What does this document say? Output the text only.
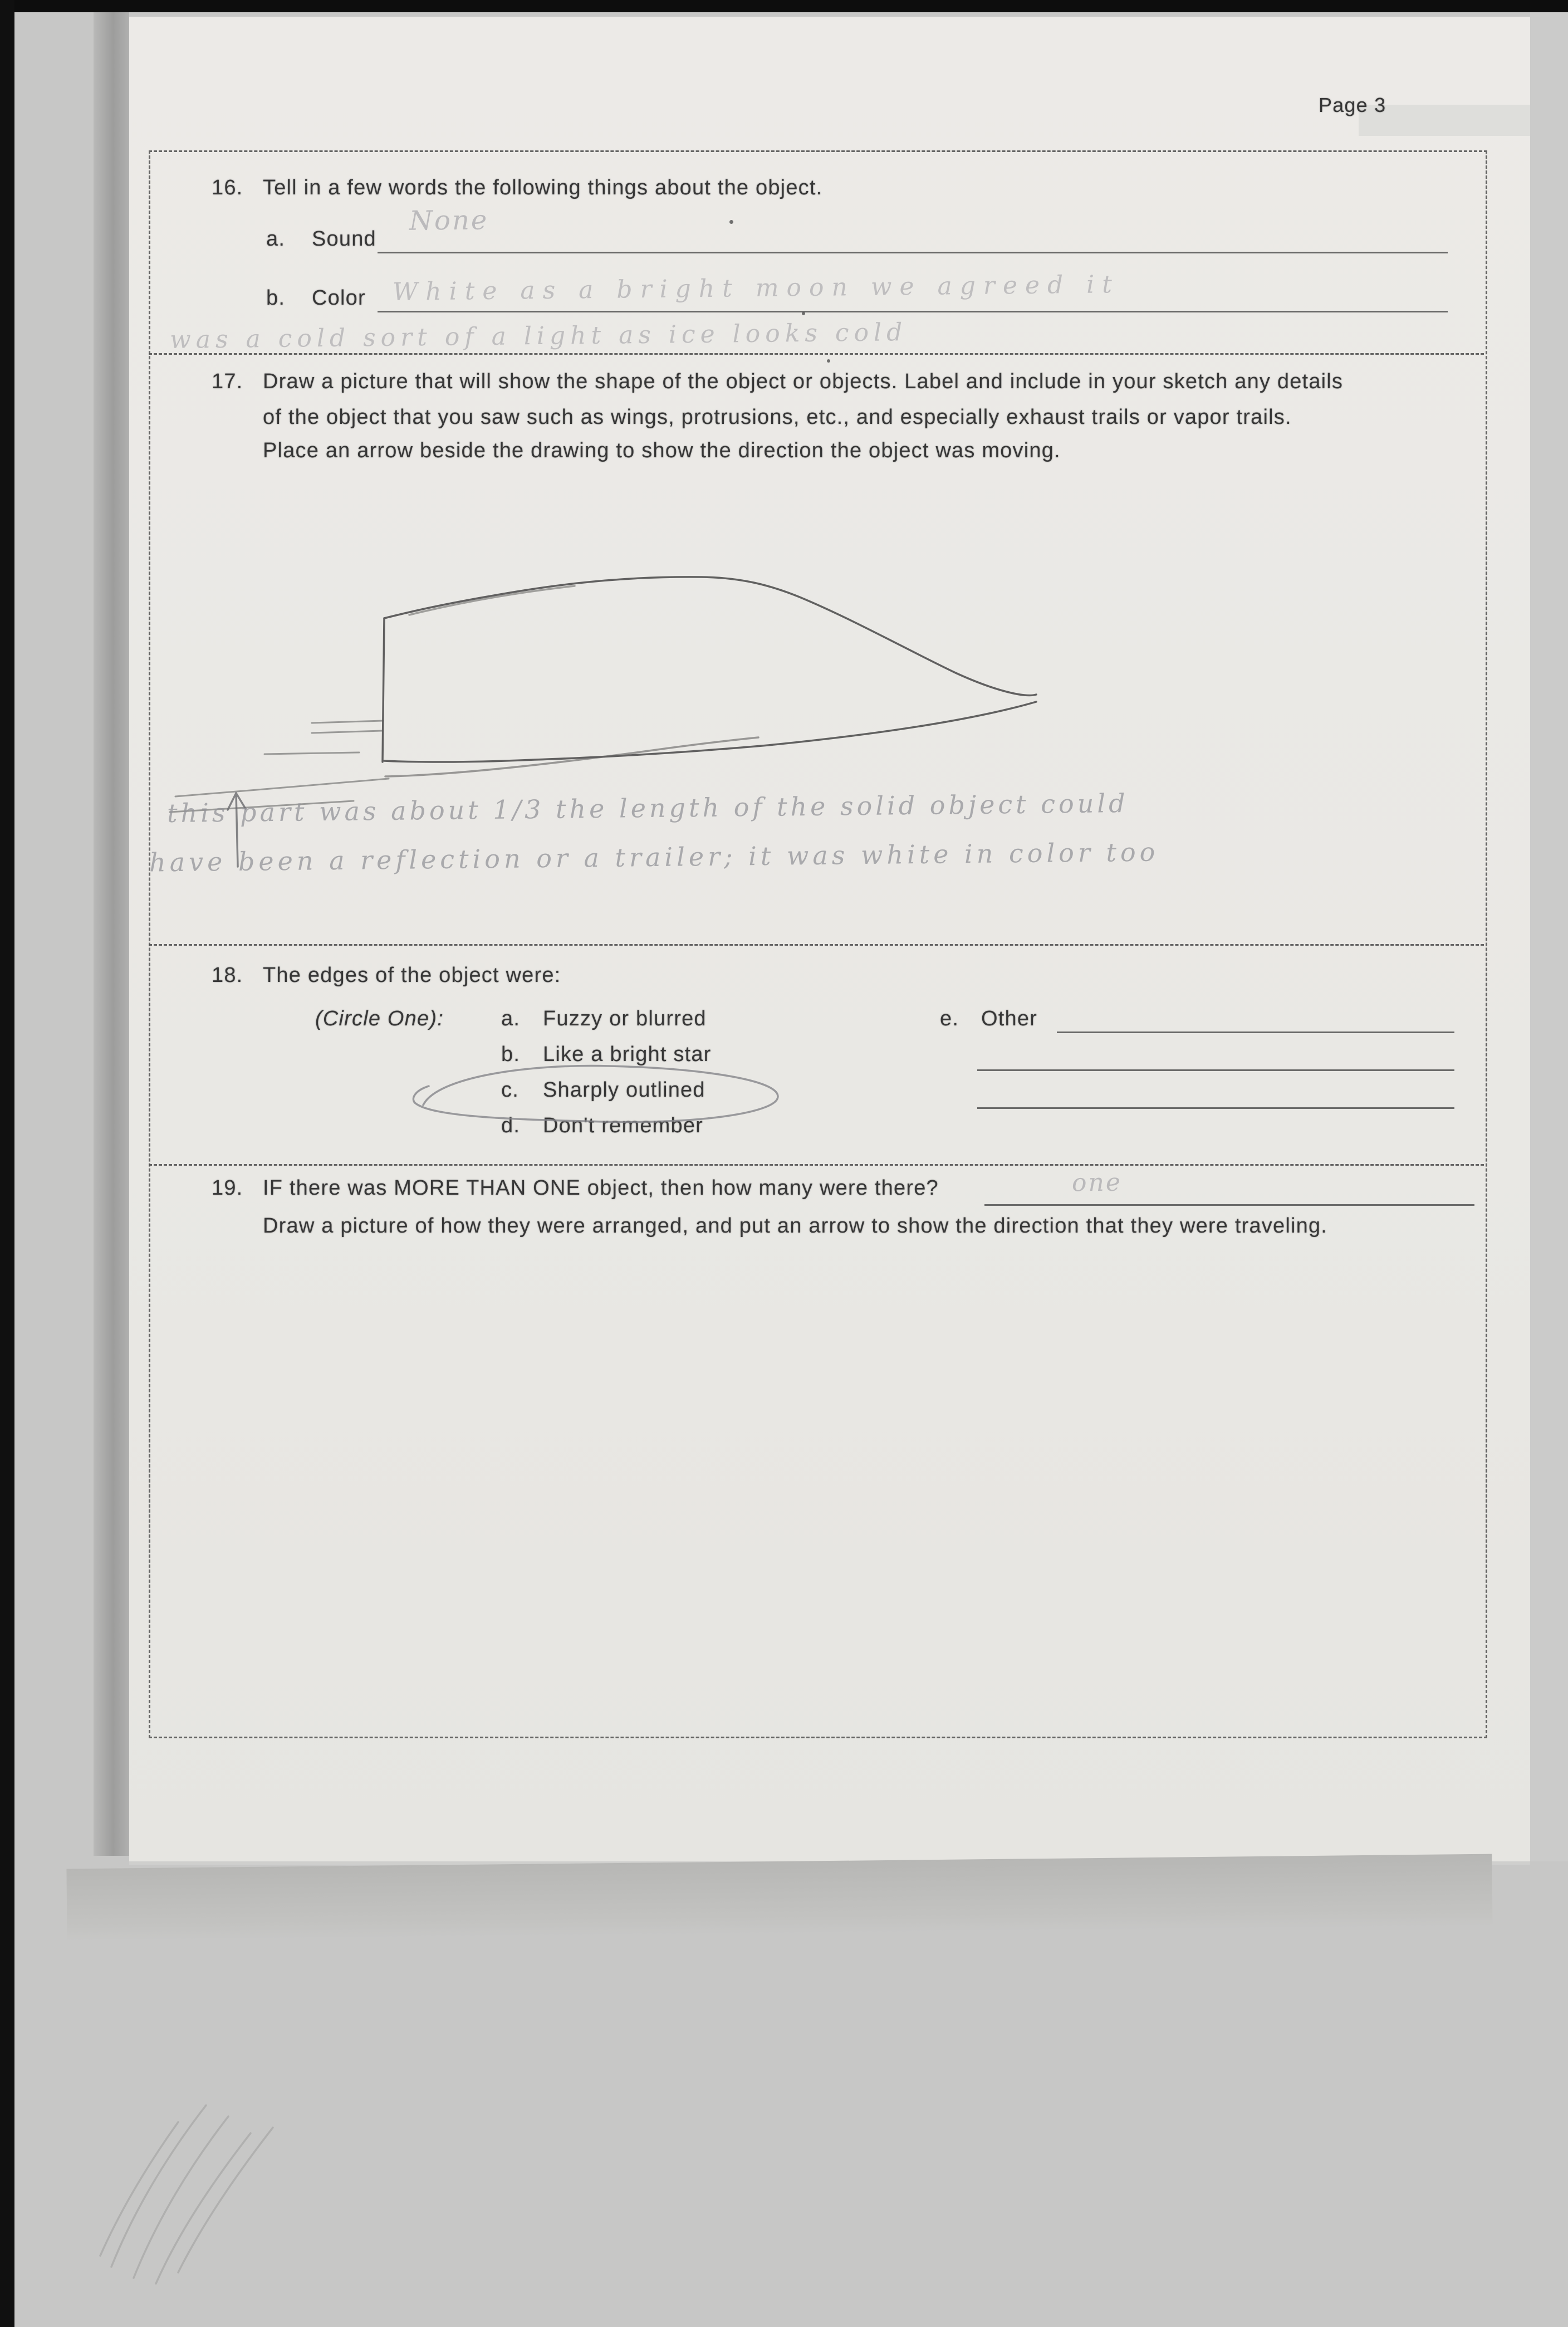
Page 3
16. Tell in a few words the following things about the object.
a. Sound
None
b. Color White as a bright moon we agreed it
was a cold sort of a light as ice looks cold
17. Draw a picture that will show the shape of the object or objects. Label and include in your sketch any details
of the object that you saw such as wings, protrusions, etc., and especially exhaust trails or vapor trails.
Place an arrow beside the drawing to show the direction the object was moving.
this part was about 1/3 the length of the solid object could
have been a reflection or a trailer; it was white in color too
18. The edges of the object were:
(Circle One):	a. Fuzzy or blurred
b. Like a bright star
c. Sharply outlined
d. Don't remember
e. Other
19. IF there was MORE THAN ONE object, then how many were there?	one
Draw a picture of how they were arranged, and put an arrow to show the direction that they were traveling.
